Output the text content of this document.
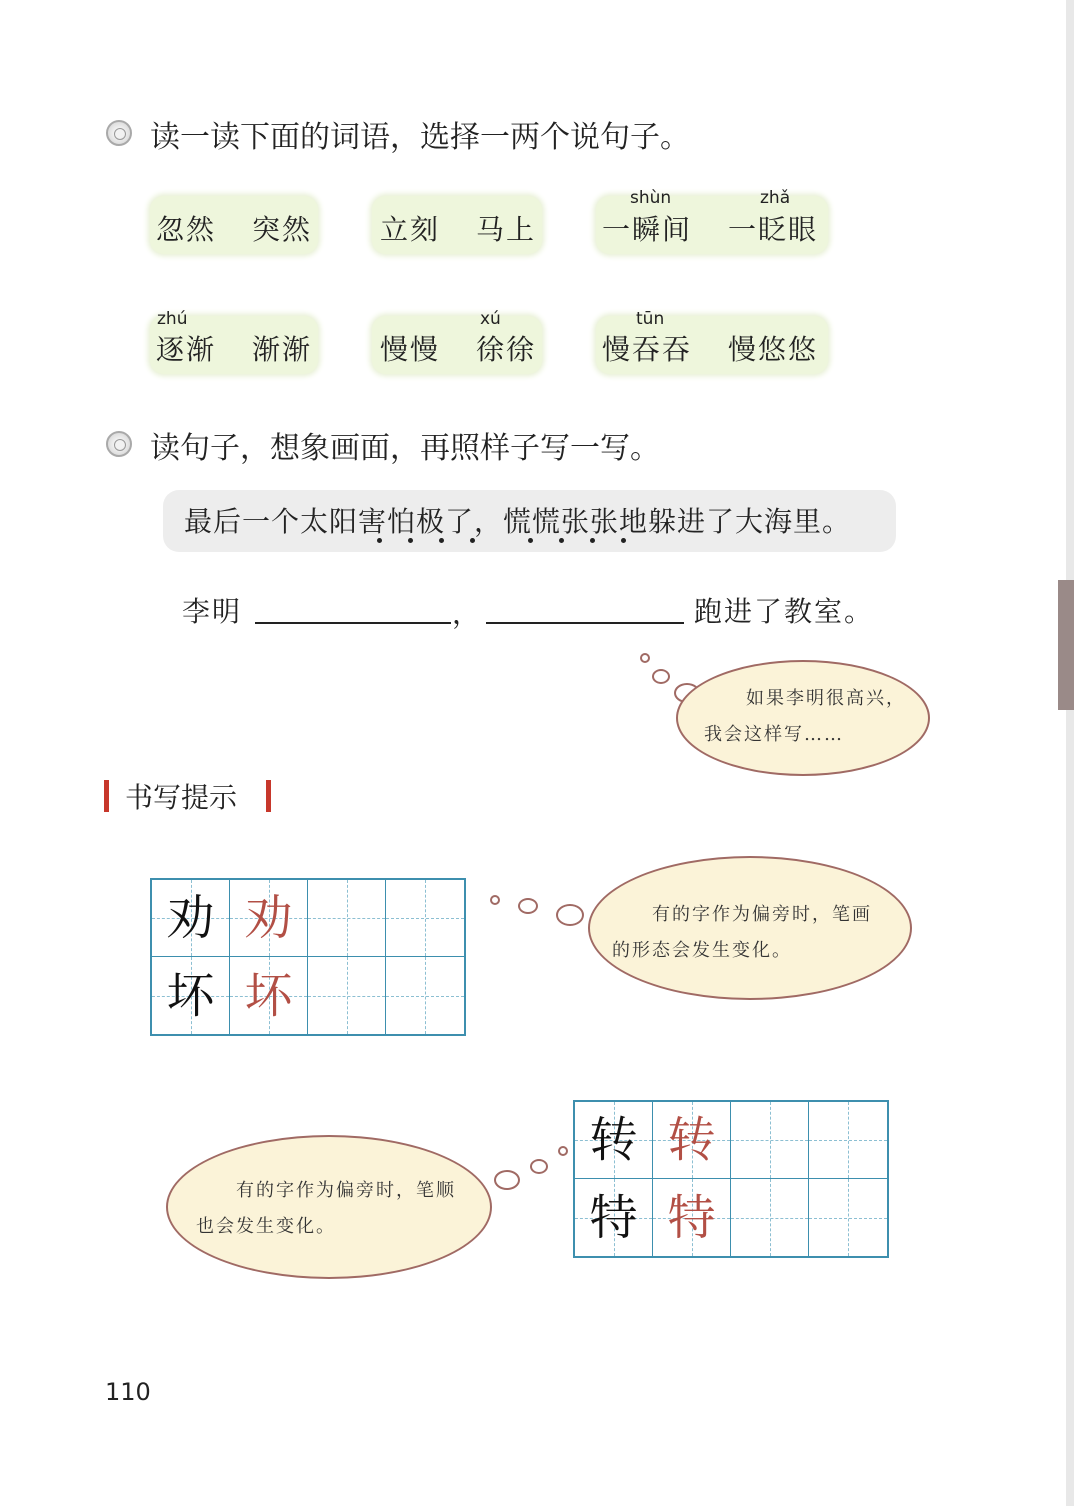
读一读下面的词语，选择一两个说句子。
忽然 突然 立刻 马上
shùn
一瞬间
zhǎ
一眨眼
zhú
逐渐 渐渐 慢慢
xú
徐徐
tūn
慢吞吞 慢悠悠
读句子，想象画面，再照样子写一写。
最后一个太阳害怕极了，慌慌张张地躲进了大海里。
李明	，	跑进了教室。
如果李明很高兴，
我会这样写……
书写提示
劝 劝
坏 坏
有的字作为偏旁时，笔画
的形态会发生变化。
有的字作为偏旁时，笔顺
也会发生变化。
转 转
特 特
110
